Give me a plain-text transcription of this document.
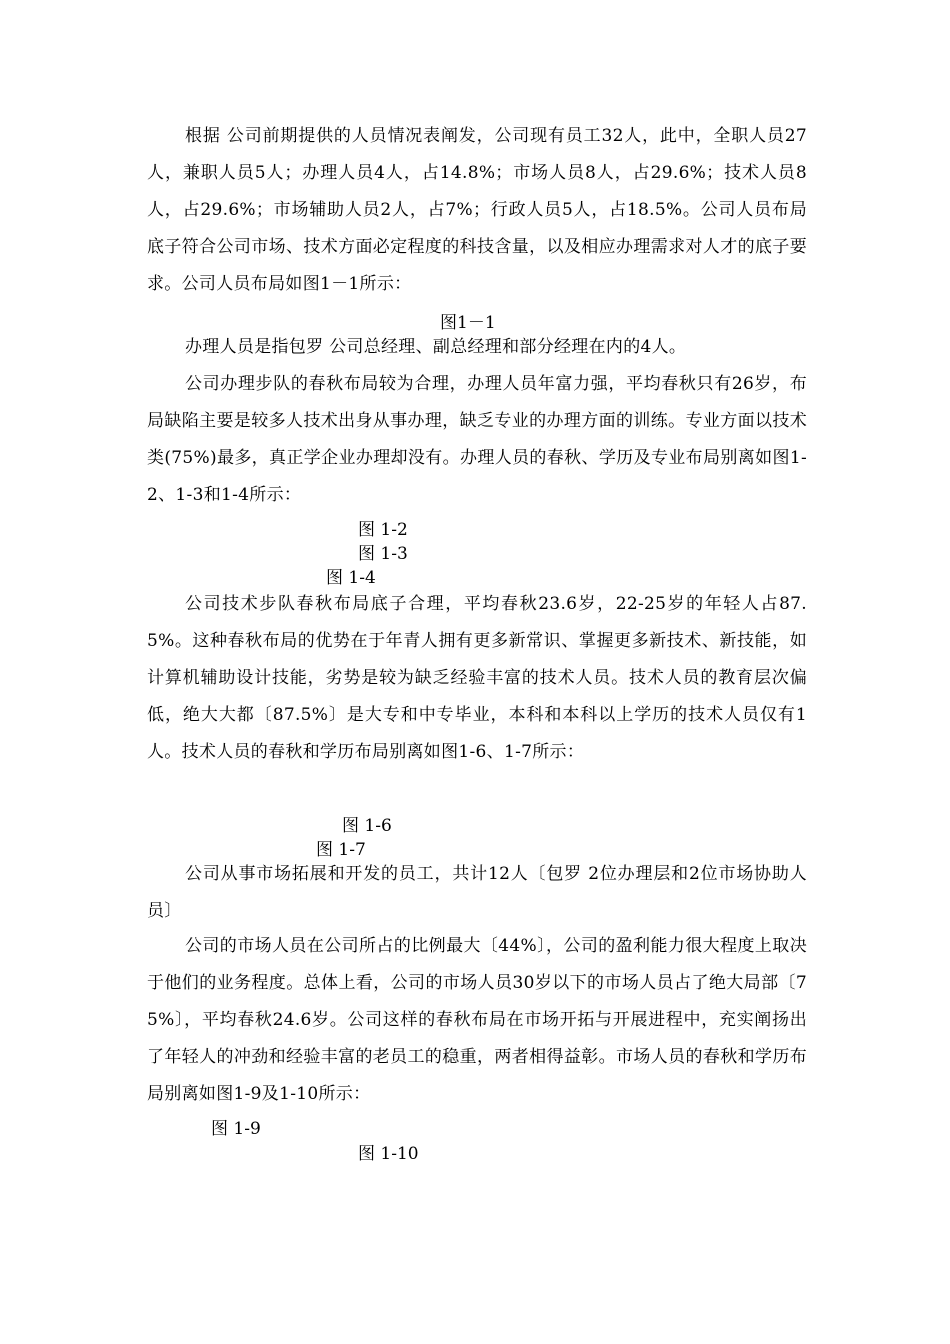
根据 公司前期提供的人员情况表阐发，公司现有员工32人，此中，全职人员27人，兼职人员5人；办理人员4人，占14.8%；市场人员8人，占29.6%；技术人员8人，占29.6%；市场辅助人员2人，占7%；行政人员5人，占18.5%。公司人员布局底子符合公司市场、技术方面必定程度的科技含量，以及相应办理需求对人才的底子要求。公司人员布局如图1－1所示：

图1－1

办理人员是指包罗 公司总经理、副总经理和部分经理在内的4人。

公司办理步队的春秋布局较为合理，办理人员年富力强，平均春秋只有26岁，布局缺陷主要是较多人技术出身从事办理，缺乏专业的办理方面的训练。专业方面以技术类(75%)最多，真正学企业办理却没有。办理人员的春秋、学历及专业布局别离如图1-2、1-3和1-4所示：

图 1-2
图 1-3
图 1-4

公司技术步队春秋布局底子合理，平均春秋23.6岁，22-25岁的年轻人占87.5%。这种春秋布局的优势在于年青人拥有更多新常识、掌握更多新技术、新技能，如计算机辅助设计技能，劣势是较为缺乏经验丰富的技术人员。技术人员的教育层次偏低，绝大大都〔87.5%〕是大专和中专毕业，本科和本科以上学历的技术人员仅有1人。技术人员的春秋和学历布局别离如图1-6、1-7所示：

图 1-6
图 1-7

公司从事市场拓展和开发的员工，共计12人〔包罗 2位办理层和2位市场协助人员〕

公司的市场人员在公司所占的比例最大〔44%〕，公司的盈利能力很大程度上取决于他们的业务程度。总体上看，公司的市场人员30岁以下的市场人员占了绝大局部〔75%〕，平均春秋24.6岁。公司这样的春秋布局在市场开拓与开展进程中，充实阐扬出了年轻人的冲劲和经验丰富的老员工的稳重，两者相得益彰。市场人员的春秋和学历布局别离如图1-9及1-10所示：

图 1-9
图 1-10
